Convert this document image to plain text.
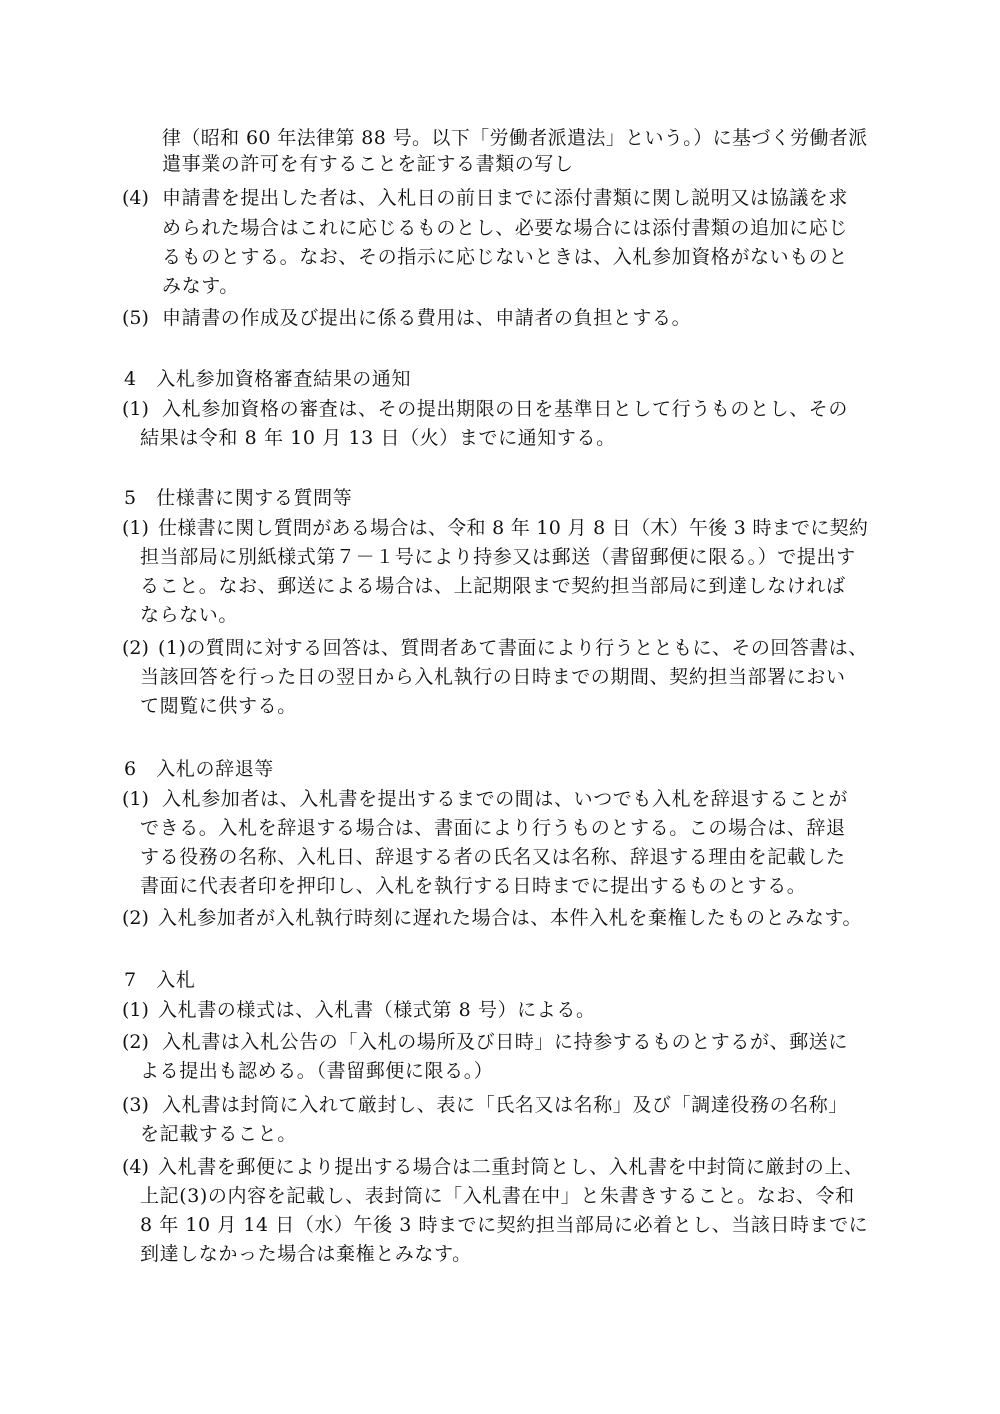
律（昭和 60 年法律第 88 号。以下「労働者派遣法」という。）に基づく労働者派
遣事業の許可を有することを証する書類の写し
(4) 申請書を提出した者は、入札日の前日までに添付書類に関し説明又は協議を求
められた場合はこれに応じるものとし、必要な場合には添付書類の追加に応じ
るものとする。なお、その指示に応じないときは、入札参加資格がないものと
みなす。
(5) 申請書の作成及び提出に係る費用は、申請者の負担とする。
4　入札参加資格審査結果の通知
(1) 入札参加資格の審査は、その提出期限の日を基準日として行うものとし、その
結果は令和 8 年 10 月 13 日（火）までに通知する。
5　仕様書に関する質問等
(1) 仕様書に関し質問がある場合は、令和 8 年 10 月 8 日（木）午後 3 時までに契約
担当部局に別紙様式第７－１号により持参又は郵送（書留郵便に限る。）で提出す
ること。なお、郵送による場合は、上記期限まで契約担当部局に到達しなければ
ならない。
(2) (1)の質問に対する回答は、質問者あて書面により行うとともに、その回答書は、
当該回答を行った日の翌日から入札執行の日時までの期間、契約担当部署におい
て閲覧に供する。
6　入札の辞退等
(1) 入札参加者は、入札書を提出するまでの間は、いつでも入札を辞退することが
できる。入札を辞退する場合は、書面により行うものとする。この場合は、辞退
する役務の名称、入札日、辞退する者の氏名又は名称、辞退する理由を記載した
書面に代表者印を押印し、入札を執行する日時までに提出するものとする。
(2) 入札参加者が入札執行時刻に遅れた場合は、本件入札を棄権したものとみなす。
7　入札
(1) 入札書の様式は、入札書（様式第 8 号）による。
(2) 入札書は入札公告の「入札の場所及び日時」に持参するものとするが、郵送に
よる提出も認める。（書留郵便に限る。）
(3) 入札書は封筒に入れて厳封し、表に「氏名又は名称」及び「調達役務の名称」
を記載すること。
(4) 入札書を郵便により提出する場合は二重封筒とし、入札書を中封筒に厳封の上、
上記(3)の内容を記載し、表封筒に「入札書在中」と朱書きすること。なお、令和
8 年 10 月 14 日（水）午後 3 時までに契約担当部局に必着とし、当該日時までに
到達しなかった場合は棄権とみなす。
